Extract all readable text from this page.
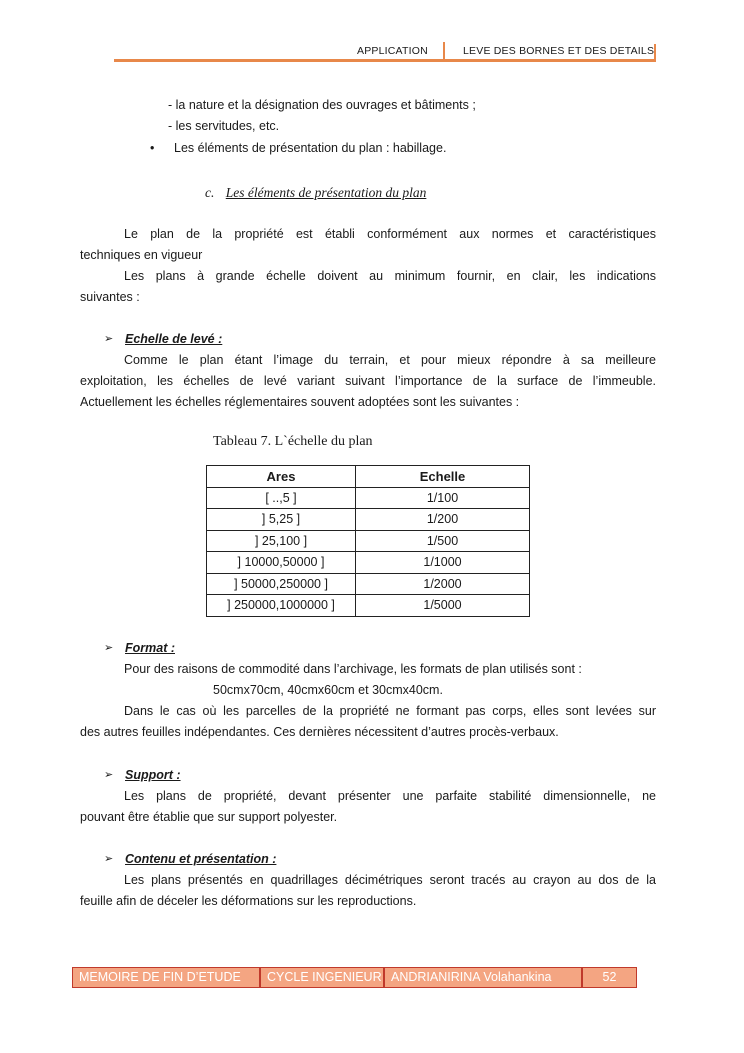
APPLICATION	LEVE DES BORNES ET DES DETAILS
- la nature et la désignation des ouvrages et bâtiments ;
- les servitudes, etc.
• Les éléments de présentation du plan : habillage.
c. Les éléments de présentation du plan
Le plan de la propriété est établi conformément aux normes et caractéristiques
techniques en vigueur
Les plans à grande échelle doivent au minimum fournir, en clair, les indications
suivantes :
➢ Echelle de levé :
Comme le plan étant l’image du terrain, et pour mieux répondre à sa meilleure
exploitation, les échelles de levé variant suivant l’importance de la surface de l’immeuble.
Actuellement les échelles réglementaires souvent adoptées sont les suivantes :
Tableau 7. L`échelle du plan
Ares	Echelle
[ ..,5 ]	1/100
] 5,25 ]	1/200
] 25,100 ]	1/500
] 10000,50000 ]	1/1000
] 50000,250000 ]	1/2000
] 250000,1000000 ]	1/5000
➢ Format :
Pour des raisons de commodité dans l’archivage, les formats de plan utilisés sont :
50cmx70cm, 40cmx60cm et 30cmx40cm.
Dans le cas où les parcelles de la propriété ne formant pas corps, elles sont levées sur
des autres feuilles indépendantes. Ces dernières nécessitent d’autres procès-verbaux.
➢ Support :
Les plans de propriété, devant présenter une parfaite stabilité dimensionnelle, ne
pouvant être établie que sur support polyester.
➢ Contenu et présentation :
Les plans présentés en quadrillages décimétriques seront tracés au crayon au dos de la
feuille afin de déceler les déformations sur les reproductions.
MEMOIRE DE FIN D’ETUDE	CYCLE INGENIEUR ANDRIANIRINA Volahankina	52
